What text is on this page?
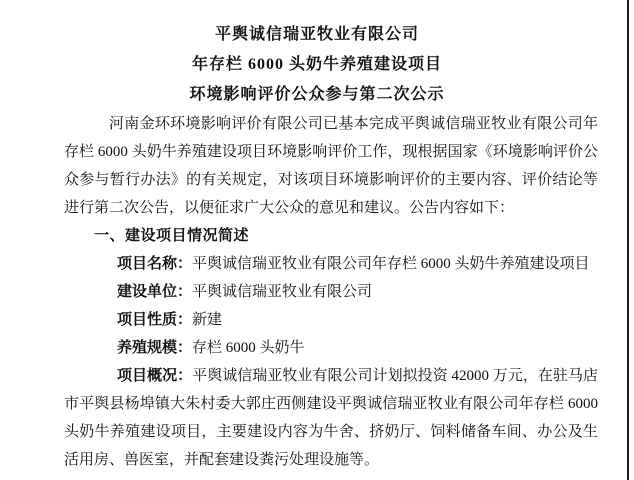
平舆诚信瑞亚牧业有限公司
年存栏 6000 头奶牛养殖建设项目
环境影响评价公众参与第二次公示

河南金环环境影响评价有限公司已基本完成平舆诚信瑞亚牧业有限公司年存栏 6000 头奶牛养殖建设项目环境影响评价工作，现根据国家《环境影响评价公众参与暂行办法》的有关规定，对该项目环境影响评价的主要内容、评价结论等进行第二次公告，以便征求广大公众的意见和建议。公告内容如下：

一、建设项目情况简述
项目名称：平舆诚信瑞亚牧业有限公司年存栏 6000 头奶牛养殖建设项目
建设单位：平舆诚信瑞亚牧业有限公司
项目性质：新建
养殖规模：存栏 6000 头奶牛

项目概况：平舆诚信瑞亚牧业有限公司计划拟投资 42000 万元，在驻马店市平舆县杨埠镇大朱村委大郭庄西侧建设平舆诚信瑞亚牧业有限公司年存栏 6000 头奶牛养殖建设项目，主要建设内容为牛舍、挤奶厅、饲料储备车间、办公及生活用房、兽医室，并配套建设粪污处理设施等。
